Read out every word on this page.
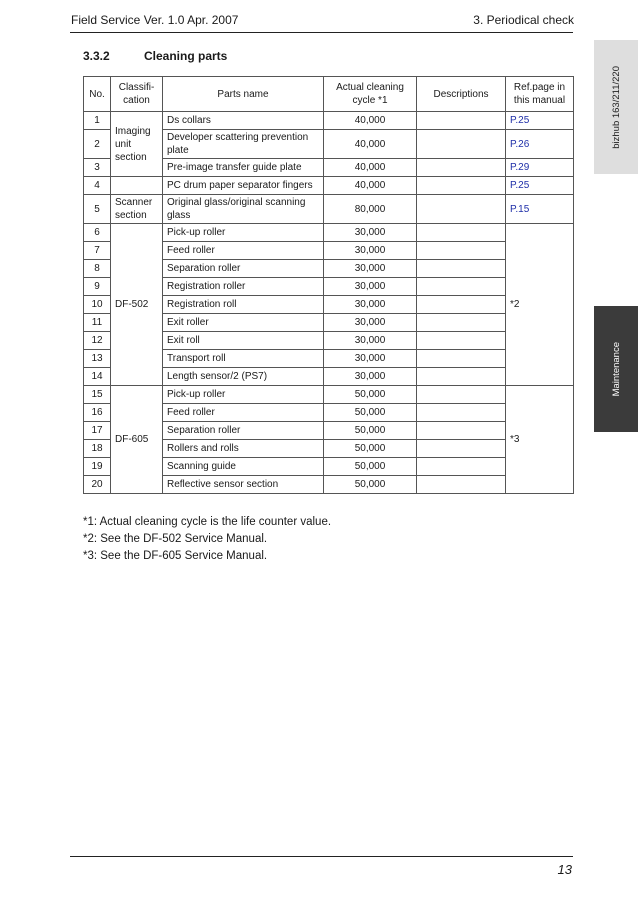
Field Service Ver. 1.0 Apr. 2007	3. Periodical check
bizhub 163/211/220
Maintenance
3.3.2	Cleaning parts
No.	Classifi-cation	Parts name	Actual cleaning cycle *1	Descriptions	Ref.page in this manual
1	Imaging unit section	Ds collars	40,000		P.25
2		Developer scattering prevention plate	40,000		P.26
3		Pre-image transfer guide plate	40,000		P.29
4		PC drum paper separator fingers	40,000		P.25
5	Scanner section	Original glass/original scanning glass	80,000		P.15
6	DF-502	Pick-up roller	30,000		*2
7		Feed roller	30,000		
8		Separation roller	30,000		
9		Registration roller	30,000		
10		Registration roll	30,000		
11		Exit roller	30,000		
12		Exit roll	30,000		
13		Transport roll	30,000		
14		Length sensor/2 (PS7)	30,000		
15	DF-605	Pick-up roller	50,000		*3
16		Feed roller	50,000		
17		Separation roller	50,000		
18		Rollers and rolls	50,000		
19		Scanning guide	50,000		
20		Reflective sensor section	50,000		
*1: Actual cleaning cycle is the life counter value.
*2: See the DF-502 Service Manual.
*3: See the DF-605 Service Manual.
13
